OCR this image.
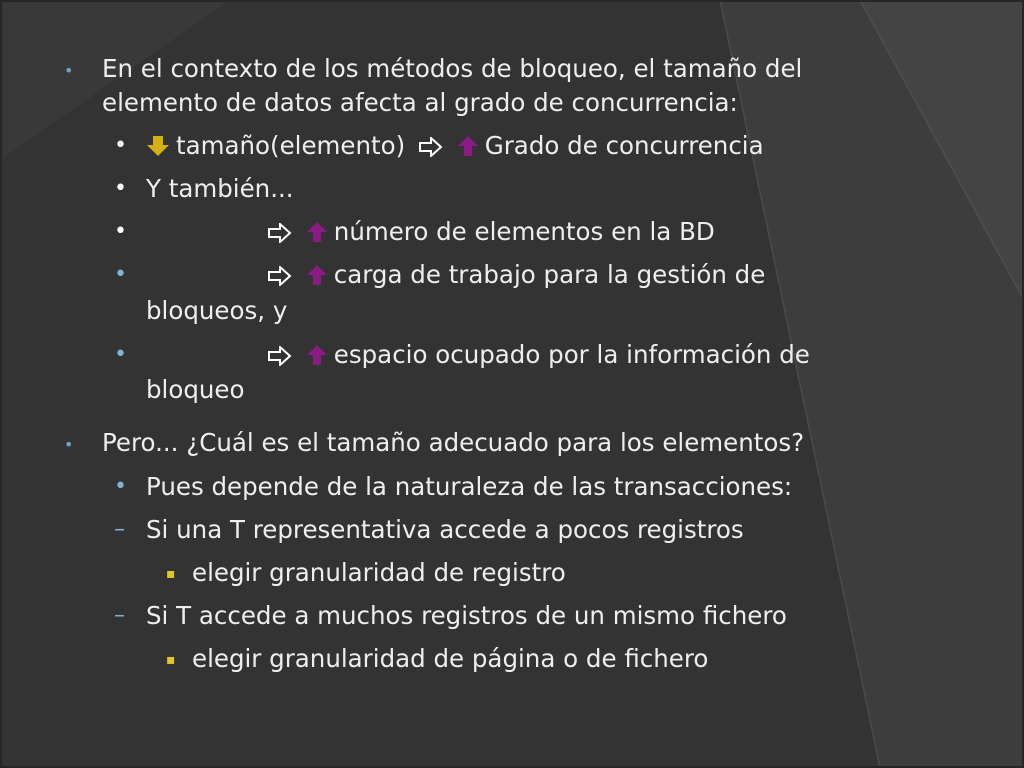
• En el contexto de los métodos de bloqueo, el tamaño del
elemento de datos afecta al grado de concurrencia:
•	tamaño(elemento)	Grado de concurrencia
• Y también...
•	número de elementos en la BD
•	carga de trabajo para la gestión de
bloqueos, y
•	espacio ocupado por la información de
bloqueo
• Pero... ¿Cuál es el tamaño adecuado para los elementos?
• Pues depende de la naturaleza de las transacciones:
– Si una T representativa accede a pocos registros
▪ elegir granularidad de registro
– Si T accede a muchos registros de un mismo fichero
▪ elegir granularidad de página o de fichero
